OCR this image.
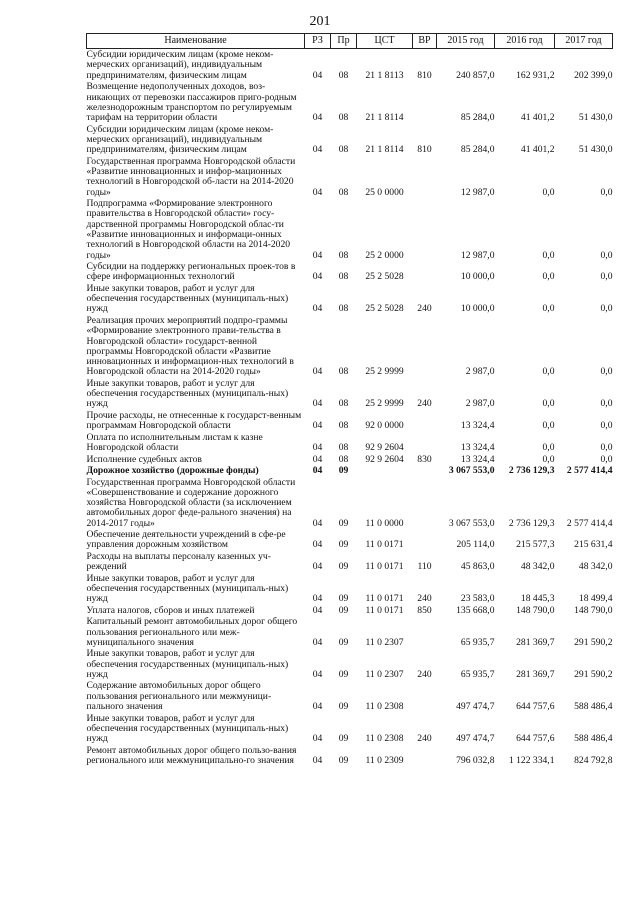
201
Наименование	РЗ	Пр	ЦСТ	ВР	2015 год	2016 год	2017 год
Субсидии юридическим лицам (кроме неком-мерческих организаций), индивидуальным предпринимателям, физическим лицам	04	08	21 1 8113	810	240 857,0	162 931,2	202 399,0
Возмещение недополученных доходов, воз-никающих от перевозки пассажиров приго-родным железнодорожным транспортом по регулируемым тарифам на территории области	04	08	21 1 8114		85 284,0	41 401,2	51 430,0
Субсидии юридическим лицам (кроме неком-мерческих организаций), индивидуальным предпринимателям, физическим лицам	04	08	21 1 8114	810	85 284,0	41 401,2	51 430,0
Государственная программа Новгородской области «Развитие инновационных и инфор-мационных технологий в Новгородской об-ласти на 2014-2020 годы»	04	08	25 0 0000		12 987,0	0,0	0,0
Подпрограмма «Формирование электронного правительства в Новгородской области» госу-дарственной программы Новгородской облас-ти «Развитие инновационных и информаци-онных технологий в Новгородской области на 2014-2020 годы»	04	08	25 2 0000		12 987,0	0,0	0,0
Субсидии на поддержку региональных проек-тов в сфере информационных технологий	04	08	25 2 5028		10 000,0	0,0	0,0
Иные закупки товаров, работ и услуг для обеспечения государственных (муниципаль-ных) нужд	04	08	25 2 5028	240	10 000,0	0,0	0,0
Реализация прочих мероприятий подпро-граммы «Формирование электронного прави-тельства в Новгородской области» государст-венной программы Новгородской области «Развитие инновационных и информацион-ных технологий в Новгородской области на 2014-2020 годы»	04	08	25 2 9999		2 987,0	0,0	0,0
Иные закупки товаров, работ и услуг для обеспечения государственных (муниципаль-ных) нужд	04	08	25 2 9999	240	2 987,0	0,0	0,0
Прочие расходы, не отнесенные к государст-венным программам Новгородской области	04	08	92 0 0000		13 324,4	0,0	0,0
Оплата по исполнительным листам к казне Новгородской области	04	08	92 9 2604		13 324,4	0,0	0,0
Исполнение судебных актов	04	08	92 9 2604	830	13 324,4	0,0	0,0
Дорожное хозяйство (дорожные фонды)	04	09			3 067 553,0	2 736 129,3	2 577 414,4
Государственная программа Новгородской области «Совершенствование и содержание дорожного хозяйства Новгородской области (за исключением автомобильных дорог феде-рального значения) на 2014-2017 годы»	04	09	11 0 0000		3 067 553,0	2 736 129,3	2 577 414,4
Обеспечение деятельности учреждений в сфе-ре управления дорожным хозяйством	04	09	11 0 0171		205 114,0	215 577,3	215 631,4
Расходы на выплаты персоналу казенных уч-реждений	04	09	11 0 0171	110	45 863,0	48 342,0	48 342,0
Иные закупки товаров, работ и услуг для обеспечения государственных (муниципаль-ных) нужд	04	09	11 0 0171	240	23 583,0	18 445,3	18 499,4
Уплата налогов, сборов и иных платежей	04	09	11 0 0171	850	135 668,0	148 790,0	148 790,0
Капитальный ремонт автомобильных дорог общего пользования регионального или меж-муниципального значения	04	09	11 0 2307		65 935,7	281 369,7	291 590,2
Иные закупки товаров, работ и услуг для обеспечения государственных (муниципаль-ных) нужд	04	09	11 0 2307	240	65 935,7	281 369,7	291 590,2
Содержание автомобильных дорог общего пользования регионального или межмуници-пального значения	04	09	11 0 2308		497 474,7	644 757,6	588 486,4
Иные закупки товаров, работ и услуг для обеспечения государственных (муниципаль-ных) нужд	04	09	11 0 2308	240	497 474,7	644 757,6	588 486,4
Ремонт автомобильных дорог общего пользо-вания регионального или межмуниципально-го значения	04	09	11 0 2309		796 032,8	1 122 334,1	824 792,8
